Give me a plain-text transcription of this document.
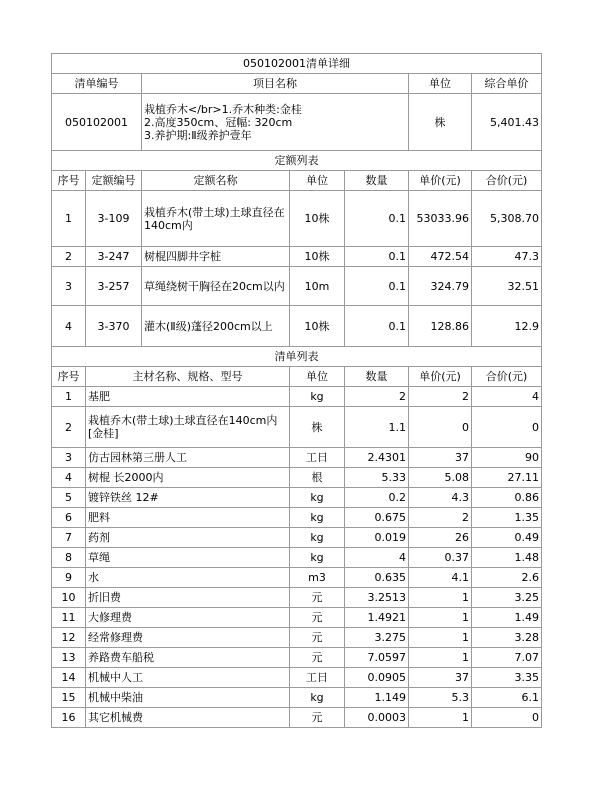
050102001清单详细						
清单编号		项目名称			单位	综合单价
050102001		栽植乔木</br>1.乔木种类:金桂
2.高度350cm、冠幅: 320cm
3.养护期:Ⅱ级养护壹年			株	5,401.43
定额列表						
序号	定额编号	定额名称	单位	数量	单价(元)	合价(元)
1	3-109	栽植乔木(带土球)土球直径在140cm内	10株	0.1	53033.96	5,308.70
2	3-247	树棍四脚井字桩	10株	0.1	472.54	47.3
3	3-257	草绳绕树干胸径在20cm以内	10m	0.1	324.79	32.51
4	3-370	灌木(Ⅱ级)蓬径200cm以上	10株	0.1	128.86	12.9
清单列表						
序号	主材名称、规格、型号		单位	数量	单价(元)	合价(元)
1	基肥		kg	2	2	4
2	栽植乔木(带土球)土球直径在140cm内[金桂]		株	1.1	0	0
3	仿古园林第三册人工		工日	2.4301	37	90
4	树棍 长2000内		根	5.33	5.08	27.11
5	镀锌铁丝 12#		kg	0.2	4.3	0.86
6	肥料		kg	0.675	2	1.35
7	药剂		kg	0.019	26	0.49
8	草绳		kg	4	0.37	1.48
9	水		m3	0.635	4.1	2.6
10	折旧费		元	3.2513	1	3.25
11	大修理费		元	1.4921	1	1.49
12	经常修理费		元	3.275	1	3.28
13	养路费车船税		元	7.0597	1	7.07
14	机械中人工		工日	0.0905	37	3.35
15	机械中柴油		kg	1.149	5.3	6.1
16	其它机械费		元	0.0003	1	0
